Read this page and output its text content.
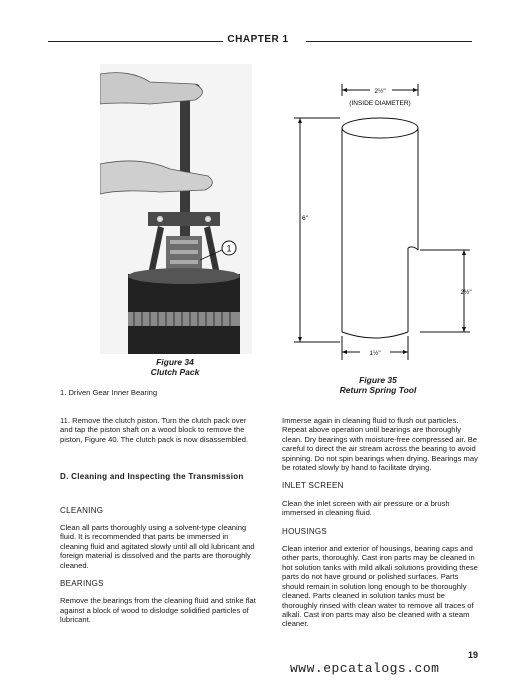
CHAPTER 1
1
Figure 34
Clutch Pack
1. Driven Gear Inner Bearing
2½"
(INSIDE DIAMETER)
6"
2½"
1½"
Figure 35
Return Spring Tool

11. Remove the clutch piston. Turn the clutch pack over and tap the piston shaft on a wood block to remove the piston, Figure 40. The clutch pack is now disassembled.

D. Cleaning and Inspecting the Transmission

CLEANING

Clean all parts thoroughly using a solvent-type cleaning fluid. It is recommended that parts be immersed in cleaning fluid and agitated slowly until all old lubricant and foreign material is dissolved and the parts are thoroughly cleaned.

BEARINGS

Remove the bearings from the cleaning fluid and strike flat against a block of wood to dislodge solidified particles of lubricant.

Immerse again in cleaning fluid to flush out particles. Repeat above operation until bearings are thoroughly clean. Dry bearings with moisture-free compressed air. Be careful to direct the air stream across the bearing to avoid spinning. Do not spin bearings when drying. Bearings may be rotated slowly by hand to facilitate drying.

INLET SCREEN

Clean the inlet screen with air pressure or a brush immersed in cleaning fluid.

HOUSINGS

Clean interior and exterior of housings, bearing caps and other parts, thoroughly. Cast iron parts may be cleaned in hot solution tanks with mild alkali solutions providing these parts do not have ground or polished surfaces. Parts should remain in solution long enough to be thoroughly cleaned. Parts cleaned in solution tanks must be thoroughly rinsed with clean water to remove all traces of alkali. Cast iron parts may also be cleaned with a steam cleaner.

19
www.epcatalogs.com
